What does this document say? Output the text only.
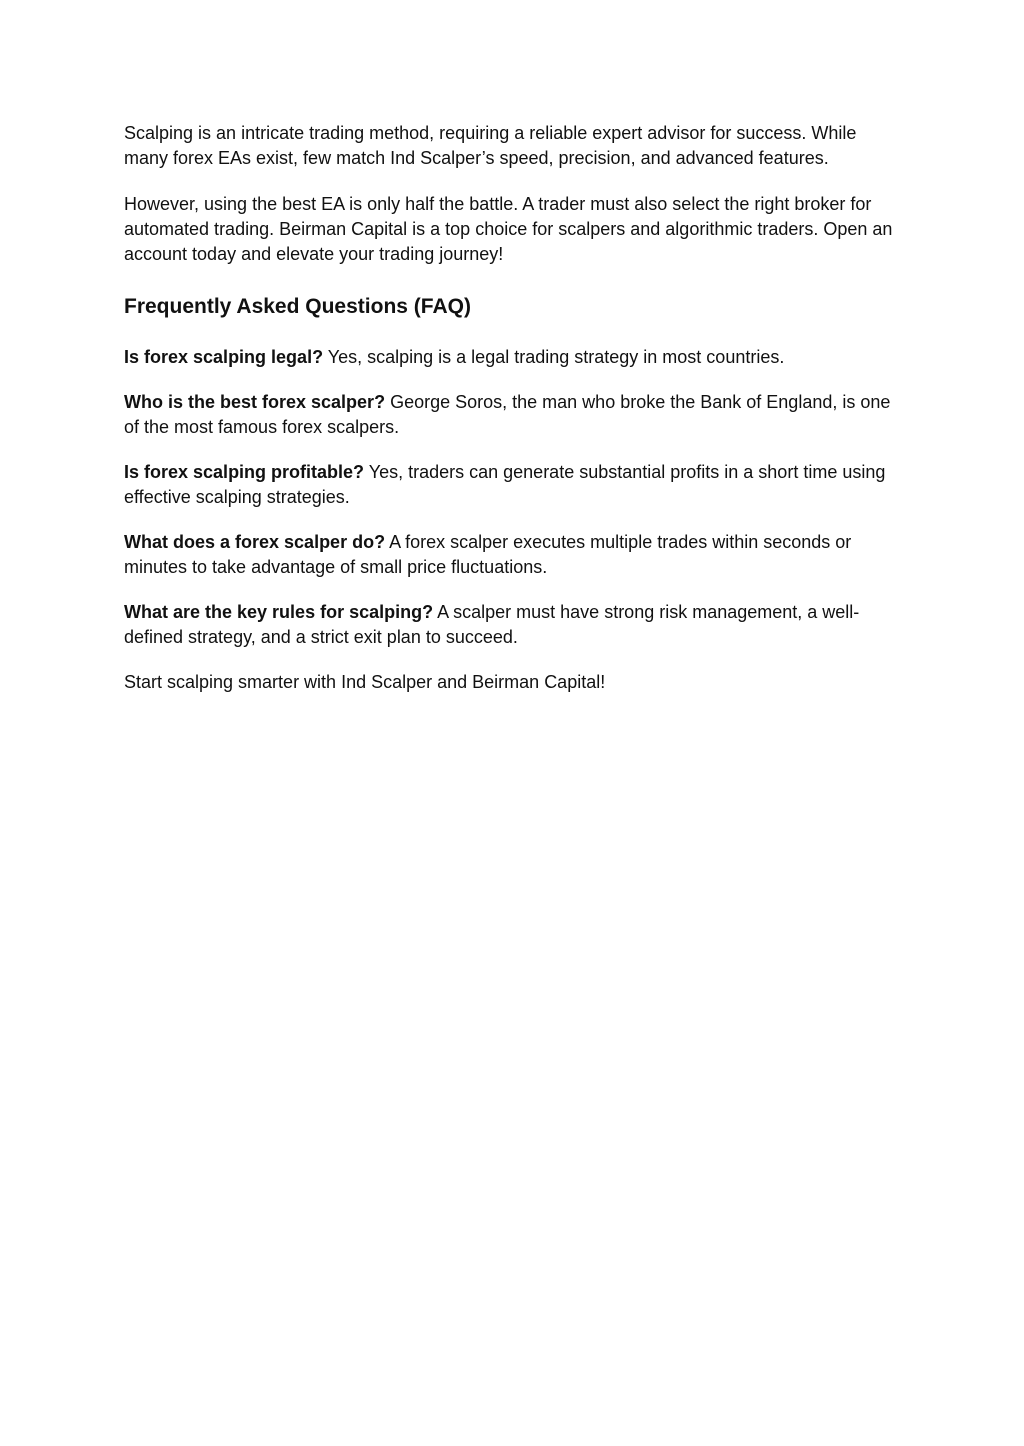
Scalping is an intricate trading method, requiring a reliable expert advisor for success. While many forex EAs exist, few match Ind Scalper’s speed, precision, and advanced features.

However, using the best EA is only half the battle. A trader must also select the right broker for automated trading. Beirman Capital is a top choice for scalpers and algorithmic traders. Open an account today and elevate your trading journey!

Frequently Asked Questions (FAQ)

Is forex scalping legal? Yes, scalping is a legal trading strategy in most countries.

Who is the best forex scalper? George Soros, the man who broke the Bank of England, is one of the most famous forex scalpers.

Is forex scalping profitable? Yes, traders can generate substantial profits in a short time using effective scalping strategies.

What does a forex scalper do? A forex scalper executes multiple trades within seconds or minutes to take advantage of small price fluctuations.

What are the key rules for scalping? A scalper must have strong risk management, a well-defined strategy, and a strict exit plan to succeed.

Start scalping smarter with Ind Scalper and Beirman Capital!
